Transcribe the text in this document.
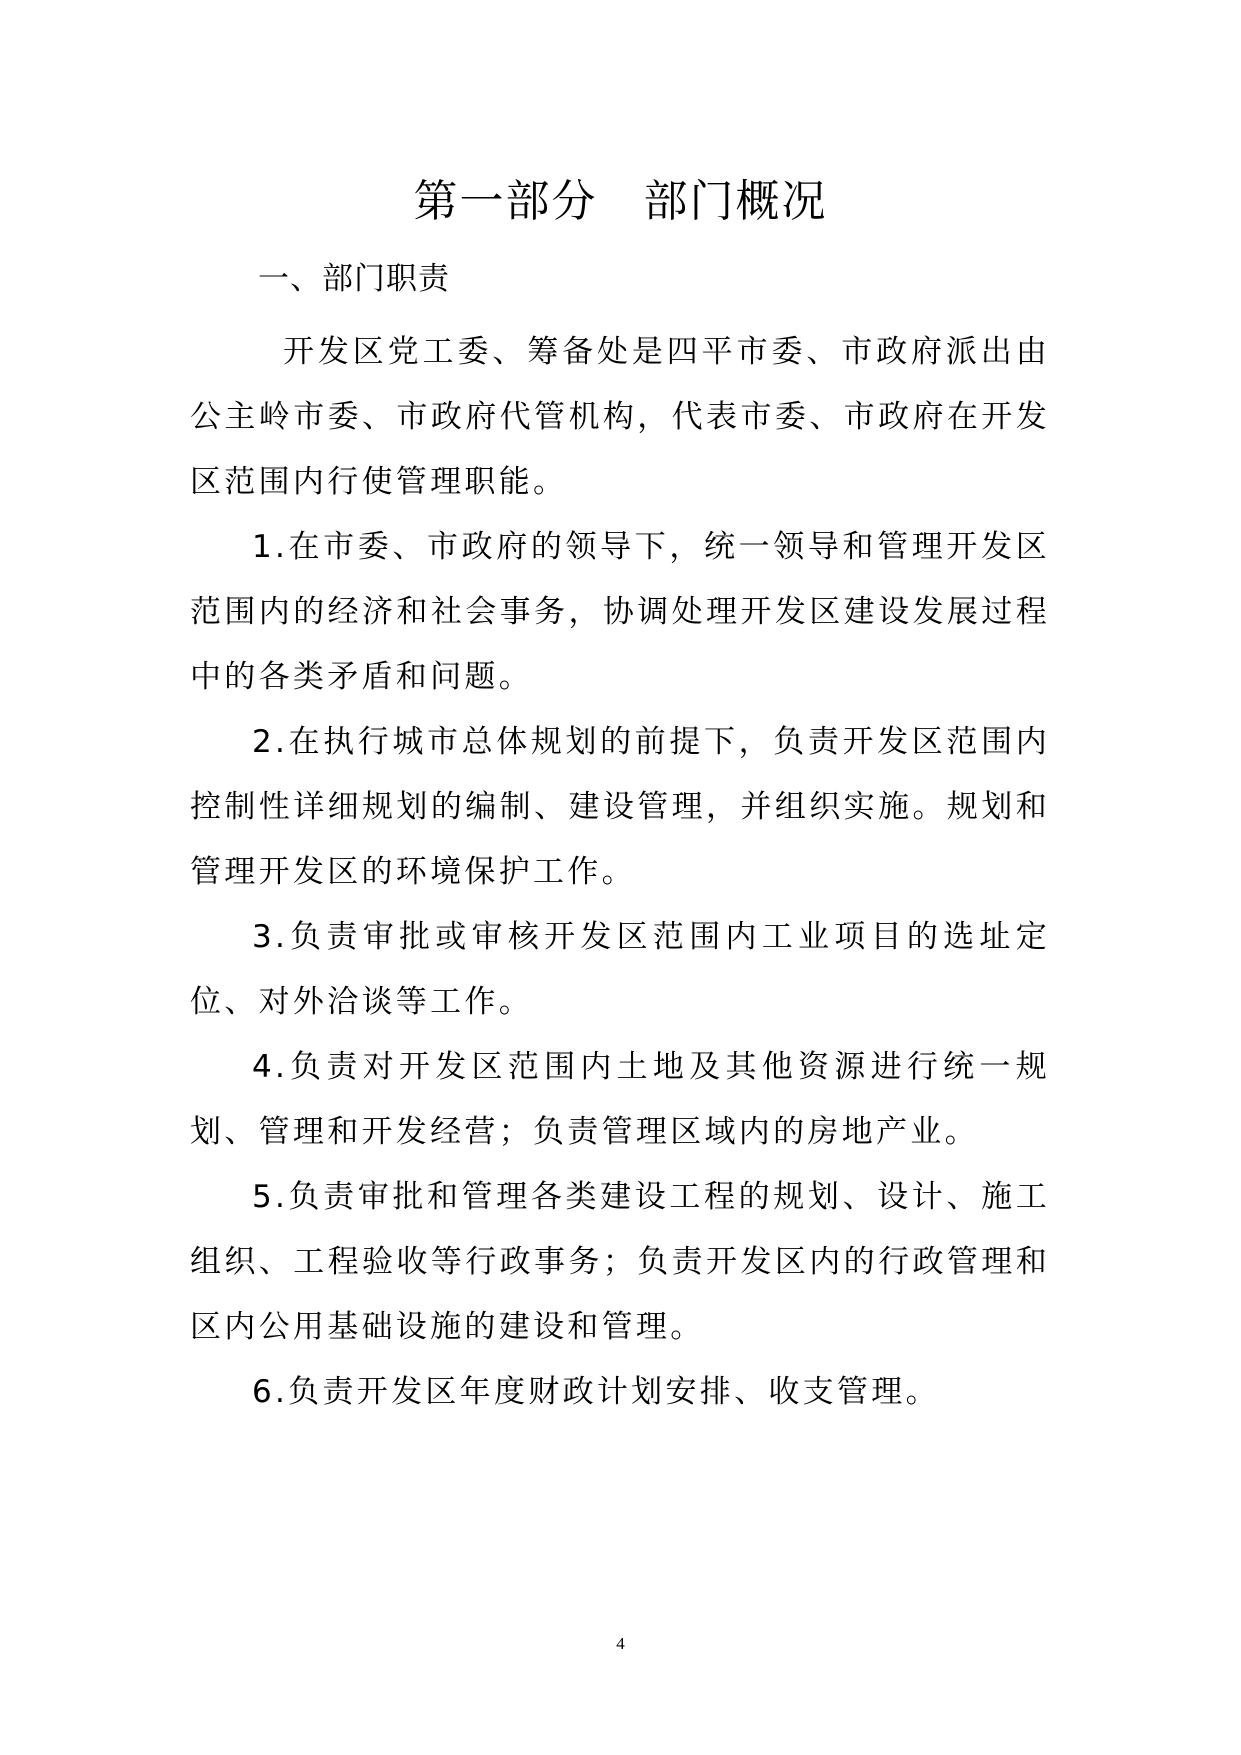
第一部分　部门概况
一、部门职责

开发区党工委、筹备处是四平市委、市政府派出由公主岭市委、市政府代管机构，代表市委、市政府在开发区范围内行使管理职能。

1.在市委、市政府的领导下，统一领导和管理开发区范围内的经济和社会事务，协调处理开发区建设发展过程中的各类矛盾和问题。

2.在执行城市总体规划的前提下，负责开发区范围内控制性详细规划的编制、建设管理，并组织实施。规划和管理开发区的环境保护工作。

3.负责审批或审核开发区范围内工业项目的选址定位、对外洽谈等工作。

4.负责对开发区范围内土地及其他资源进行统一规划、管理和开发经营；负责管理区域内的房地产业。

5.负责审批和管理各类建设工程的规划、设计、施工组织、工程验收等行政事务；负责开发区内的行政管理和区内公用基础设施的建设和管理。

6.负责开发区年度财政计划安排、收支管理。

4
